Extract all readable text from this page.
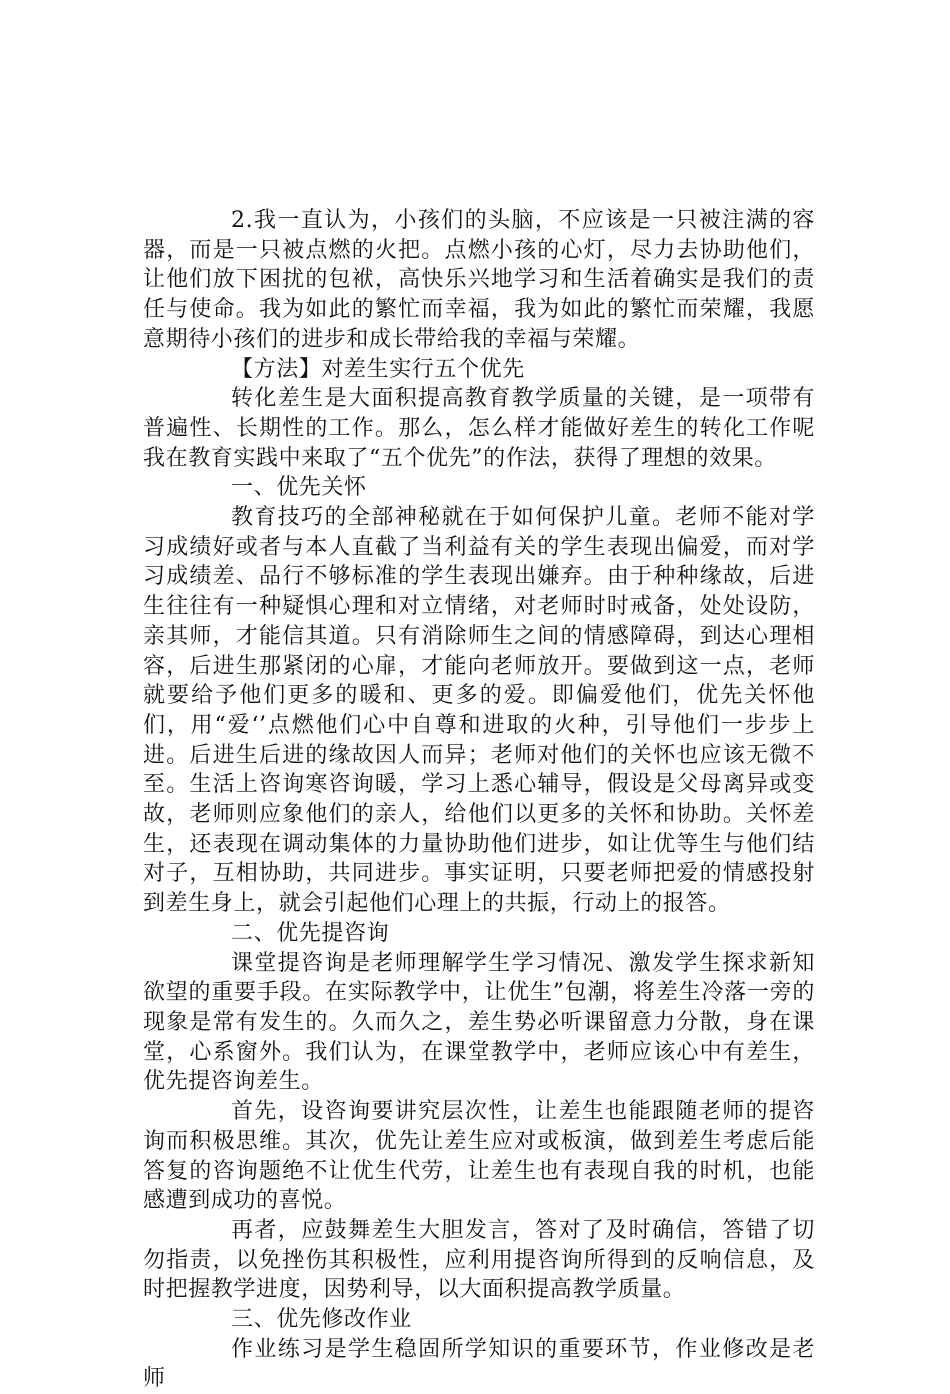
2.我一直认为，小孩们的头脑，不应该是一只被注满的容器，而是一只被点燃的火把。点燃小孩的心灯，尽力去协助他们，让他们放下困扰的包袱，高快乐兴地学习和生活着确实是我们的责任与使命。我为如此的繁忙而幸福，我为如此的繁忙而荣耀，我愿意期待小孩们的进步和成长带给我的幸福与荣耀。

【方法】对差生实行五个优先

转化差生是大面积提高教育教学质量的关键，是一项带有普遍性、长期性的工作。那么，怎么样才能做好差生的转化工作呢我在教育实践中来取了“五个优先”的作法，获得了理想的效果。

一、优先关怀

教育技巧的全部神秘就在于如何保护儿童。老师不能对学习成绩好或者与本人直截了当利益有关的学生表现出偏爱，而对学习成绩差、品行不够标准的学生表现出嫌弃。由于种种缘故，后进生往往有一种疑惧心理和对立情绪，对老师时时戒备，处处设防，亲其师，才能信其道。只有消除师生之间的情感障碍，到达心理相容，后进生那紧闭的心扉，才能向老师放开。要做到这一点，老师就要给予他们更多的暖和、更多的爱。即偏爱他们，优先关怀他们，用“爱‘’点燃他们心中自尊和进取的火种，引导他们一步步上进。后进生后进的缘故因人而异；老师对他们的关怀也应该无微不至。生活上咨询寒咨询暖，学习上悉心辅导，假设是父母离异或变故，老师则应象他们的亲人，给他们以更多的关怀和协助。关怀差生，还表现在调动集体的力量协助他们进步，如让优等生与他们结对子，互相协助，共同进步。事实证明，只要老师把爱的情感投射到差生身上，就会引起他们心理上的共振，行动上的报答。

二、优先提咨询

课堂提咨询是老师理解学生学习情况、激发学生探求新知欲望的重要手段。在实际教学中，让优生”包潮，将差生冷落一旁的现象是常有发生的。久而久之，差生势必听课留意力分散，身在课堂，心系窗外。我们认为，在课堂教学中，老师应该心中有差生，优先提咨询差生。

首先，设咨询要讲究层次性，让差生也能跟随老师的提咨询而积极思维。其次，优先让差生应对或板演，做到差生考虑后能答复的咨询题绝不让优生代劳，让差生也有表现自我的时机，也能感遭到成功的喜悦。

再者，应鼓舞差生大胆发言，答对了及时确信，答错了切勿指责，以免挫伤其积极性，应利用提咨询所得到的反响信息，及时把握教学进度，因势利导，以大面积提高教学质量。

三、优先修改作业

作业练习是学生稳固所学知识的重要环节，作业修改是老师
